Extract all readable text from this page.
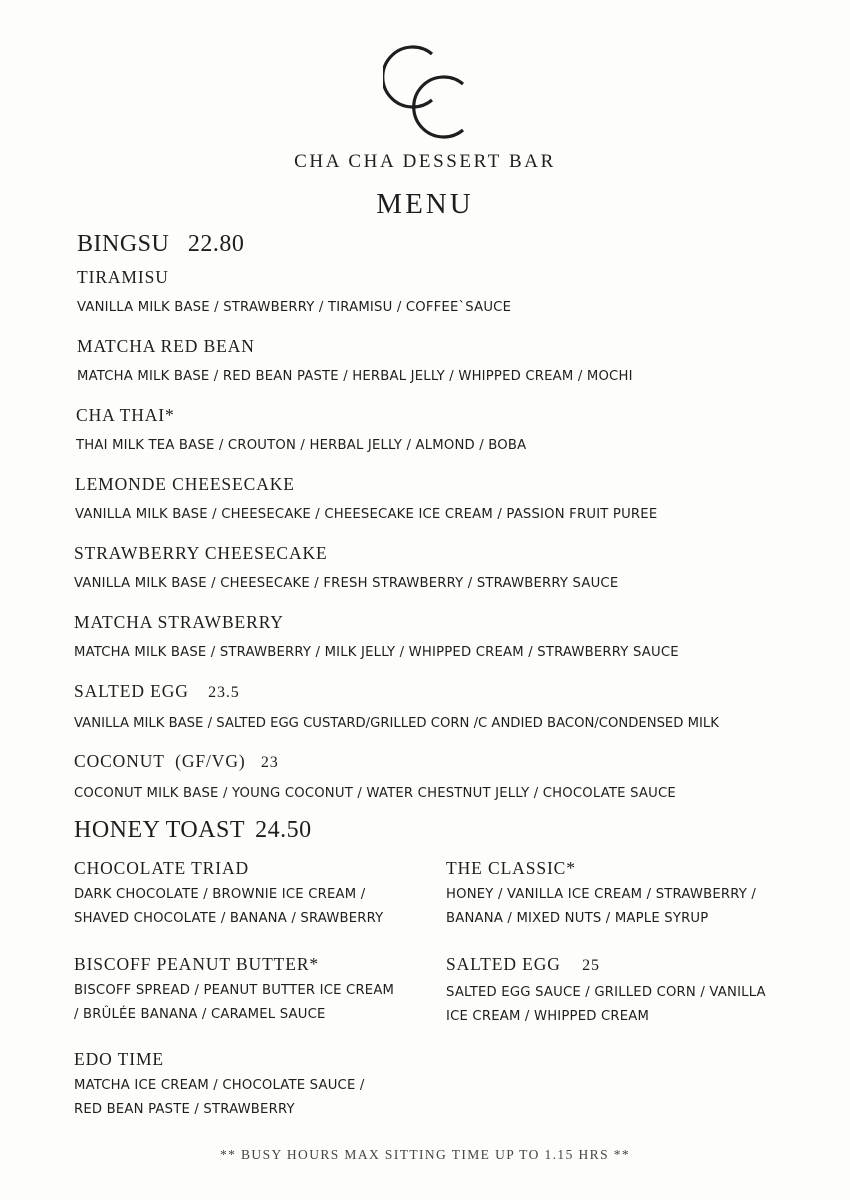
CHA CHA DESSERT BAR
MENU
BINGSU 22.80
TIRAMISU
VANILLA MILK BASE / STRAWBERRY / TIRAMISU / COFFEE`SAUCE
MATCHA RED BEAN
MATCHA MILK BASE / RED BEAN PASTE / HERBAL JELLY / WHIPPED CREAM / MOCHI
CHA THAI*
THAI MILK TEA BASE / CROUTON / HERBAL JELLY / ALMOND / BOBA
LEMONDE CHEESECAKE
VANILLA MILK BASE / CHEESECAKE / CHEESECAKE ICE CREAM / PASSION FRUIT PUREE
STRAWBERRY CHEESECAKE
VANILLA MILK BASE / CHEESECAKE / FRESH STRAWBERRY / STRAWBERRY SAUCE
MATCHA STRAWBERRY
MATCHA MILK BASE / STRAWBERRY / MILK JELLY / WHIPPED CREAM / STRAWBERRY SAUCE
SALTED EGG 23.5
VANILLA MILK BASE / SALTED EGG CUSTARD/GRILLED CORN /C ANDIED BACON/CONDENSED MILK
COCONUT  (GF/VG) 23
COCONUT MILK BASE / YOUNG COCONUT / WATER CHESTNUT JELLY / CHOCOLATE SAUCE
HONEY TOAST 24.50
CHOCOLATE TRIAD
DARK CHOCOLATE / BROWNIE ICE CREAM /
SHAVED CHOCOLATE / BANANA / SRAWBERRY
THE CLASSIC*
HONEY / VANILLA ICE CREAM / STRAWBERRY /
BANANA / MIXED NUTS / MAPLE SYRUP
BISCOFF PEANUT BUTTER*
BISCOFF SPREAD / PEANUT BUTTER ICE CREAM
/ BRÛLÉE BANANA / CARAMEL SAUCE
SALTED EGG 25
SALTED EGG SAUCE / GRILLED CORN / VANILLA
ICE CREAM / WHIPPED CREAM
EDO TIME
MATCHA ICE CREAM / CHOCOLATE SAUCE /
RED BEAN PASTE / STRAWBERRY
** BUSY HOURS MAX SITTING TIME UP TO 1.15 HRS **
